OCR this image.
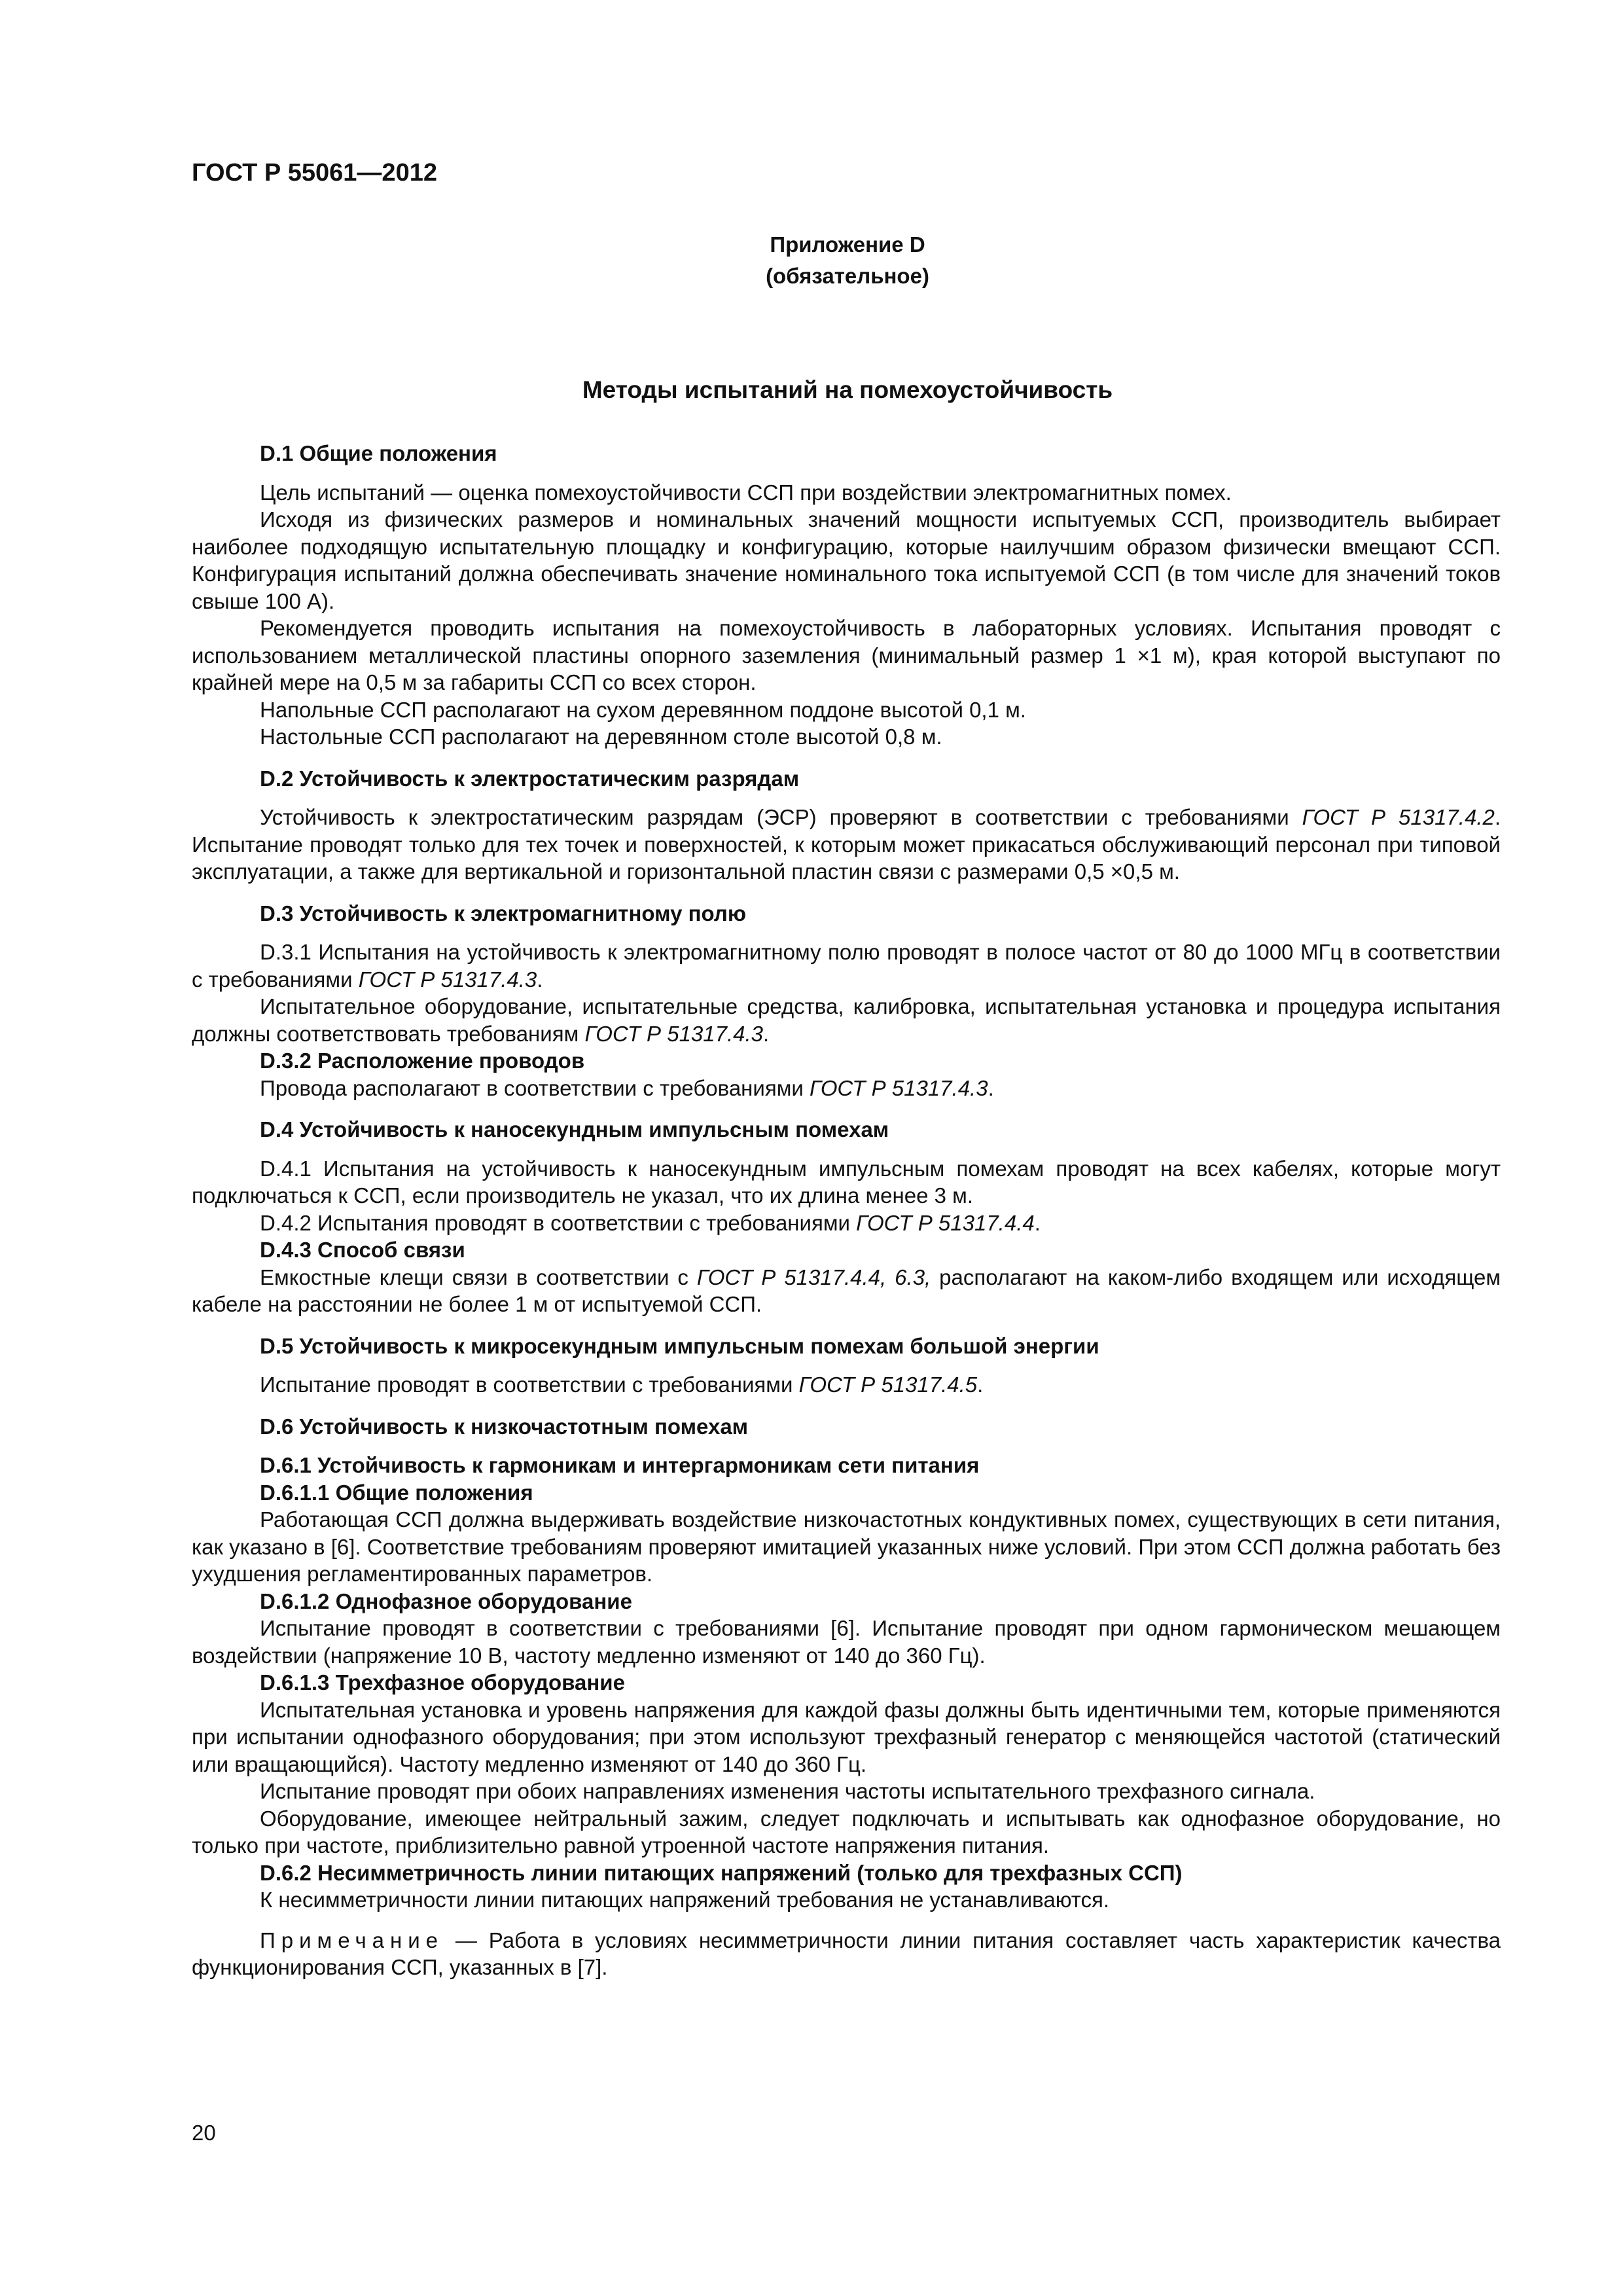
ГОСТ Р 55061—2012
Приложение D
(обязательное)
Методы испытаний на помехоустойчивость
D.1 Общие положения

Цель испытаний — оценка помехоустойчивости ССП при воздействии электромагнитных помех.

Исходя из физических размеров и номинальных значений мощности испытуемых ССП, производитель выбирает наиболее подходящую испытательную площадку и конфигурацию, которые наилучшим образом физически вмещают ССП. Конфигурация испытаний должна обеспечивать значение номинального тока испытуемой ССП (в том числе для значений токов свыше 100 А).

Рекомендуется проводить испытания на помехоустойчивость в лабораторных условиях. Испытания проводят с использованием металлической пластины опорного заземления (минимальный размер 1 ×1 м), края которой выступают по крайней мере на 0,5 м за габариты ССП со всех сторон.

Напольные ССП располагают на сухом деревянном поддоне высотой 0,1 м.

Настольные ССП располагают на деревянном столе высотой 0,8 м.

D.2 Устойчивость к электростатическим разрядам

Устойчивость к электростатическим разрядам (ЭСР) проверяют в соответствии с требованиями ГОСТ Р 51317.4.2. Испытание проводят только для тех точек и поверхностей, к которым может прикасаться обслуживающий персонал при типовой эксплуатации, а также для вертикальной и горизонтальной пластин связи с размерами 0,5 ×0,5 м.

D.3 Устойчивость к электромагнитному полю

D.3.1 Испытания на устойчивость к электромагнитному полю проводят в полосе частот от 80 до 1000 МГц в соответствии с требованиями ГОСТ Р 51317.4.3.

Испытательное оборудование, испытательные средства, калибровка, испытательная установка и процедура испытания должны соответствовать требованиям ГОСТ Р 51317.4.3.

D.3.2 Расположение проводов

Провода располагают в соответствии с требованиями ГОСТ Р 51317.4.3.

D.4 Устойчивость к наносекундным импульсным помехам

D.4.1 Испытания на устойчивость к наносекундным импульсным помехам проводят на всех кабелях, которые могут подключаться к ССП, если производитель не указал, что их длина менее 3 м.

D.4.2 Испытания проводят в соответствии с требованиями ГОСТ Р 51317.4.4.

D.4.3 Способ связи

Емкостные клещи связи в соответствии с ГОСТ Р 51317.4.4, 6.3, располагают на каком-либо входящем или исходящем кабеле на расстоянии не более 1 м от испытуемой ССП.

D.5 Устойчивость к микросекундным импульсным помехам большой энергии

Испытание проводят в соответствии с требованиями ГОСТ Р 51317.4.5.

D.6 Устойчивость к низкочастотным помехам
D.6.1 Устойчивость к гармоникам и интергармоникам сети питания
D.6.1.1 Общие положения

Работающая ССП должна выдерживать воздействие низкочастотных кондуктивных помех, существующих в сети питания, как указано в [6]. Соответствие требованиям проверяют имитацией указанных ниже условий. При этом ССП должна работать без ухудшения регламентированных параметров.

D.6.1.2 Однофазное оборудование

Испытание проводят в соответствии с требованиями [6]. Испытание проводят при одном гармоническом мешающем воздействии (напряжение 10 В, частоту медленно изменяют от 140 до 360 Гц).

D.6.1.3 Трехфазное оборудование

Испытательная установка и уровень напряжения для каждой фазы должны быть идентичными тем, которые применяются при испытании однофазного оборудования; при этом используют трехфазный генератор с меняющейся частотой (статический или вращающийся). Частоту медленно изменяют от 140 до 360 Гц.

Испытание проводят при обоих направлениях изменения частоты испытательного трехфазного сигнала.

Оборудование, имеющее нейтральный зажим, следует подключать и испытывать как однофазное оборудование, но только при частоте, приблизительно равной утроенной частоте напряжения питания.

D.6.2 Несимметричность линии питающих напряжений (только для трехфазных ССП)

К несимметричности линии питающих напряжений требования не устанавливаются.

Примечание — Работа в условиях несимметричности линии питания составляет часть характеристик качества функционирования ССП, указанных в [7].

20
